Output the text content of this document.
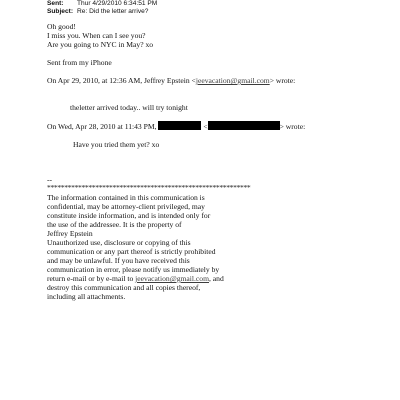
Sent: Thur 4/29/2010 6:34:51 PM
Subject: Re: Did the letter arrive?
Oh good!
I miss you. When can I see you?
Are you going to NYC in May? xo
Sent from my iPhone
On Apr 29, 2010, at 12:36 AM, Jeffrey Epstein <jeevacation@gmail.com> wrote:
theletter arrived today.. will try tonight
On Wed, Apr 28, 2010 at 11:43 PM,	<	> wrote:
Have you tried them yet? xo
--
***********************************************************
The information contained in this communication is
confidential, may be attorney-client privileged, may
constitute inside information, and is intended only for
the use of the addressee. It is the property of
Jeffrey Epstein
Unauthorized use, disclosure or copying of this
communication or any part thereof is strictly prohibited
and may be unlawful. If you have received this
communication in error, please notify us immediately by
return e-mail or by e-mail to jeevacation@gmail.com, and
destroy this communication and all copies thereof,
including all attachments.
